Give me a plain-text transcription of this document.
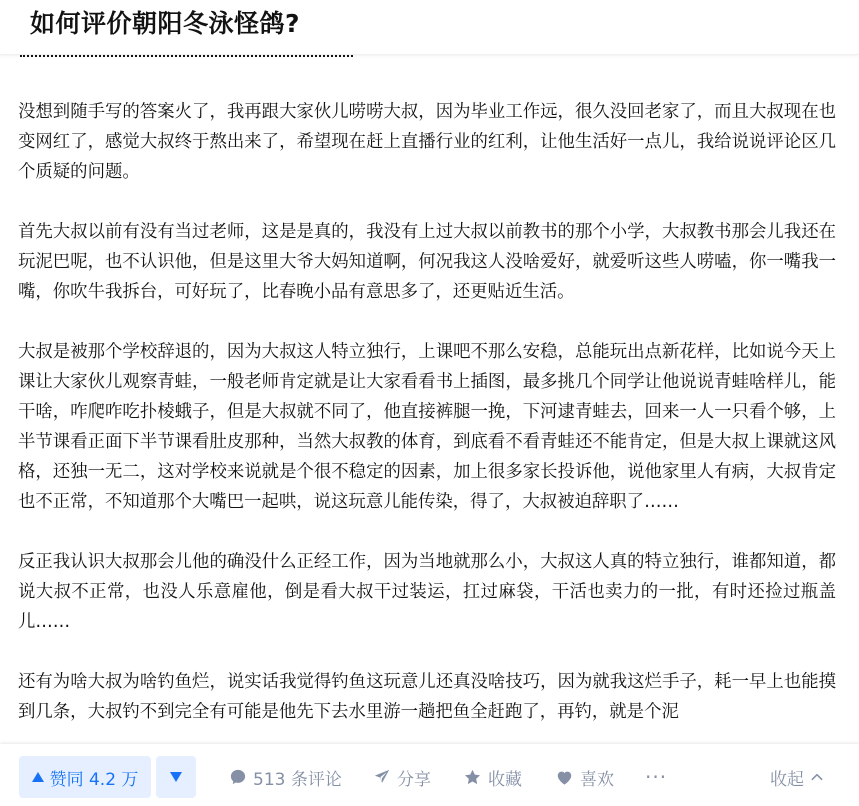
如何评价朝阳冬泳怪鸽?

没想到随手写的答案火了，我再跟大家伙儿唠唠大叔，因为毕业工作远，很久没回老家了，而且大叔现在也变网红了，感觉大叔终于熬出来了，希望现在赶上直播行业的红利，让他生活好一点儿，我给说说评论区几个质疑的问题。

首先大叔以前有没有当过老师，这是是真的，我没有上过大叔以前教书的那个小学，大叔教书那会儿我还在玩泥巴呢，也不认识他，但是这里大爷大妈知道啊，何况我这人没啥爱好，就爱听这些人唠嗑，你一嘴我一嘴，你吹牛我拆台，可好玩了，比春晚小品有意思多了，还更贴近生活。

大叔是被那个学校辞退的，因为大叔这人特立独行，上课吧不那么安稳，总能玩出点新花样，比如说今天上课让大家伙儿观察青蛙，一般老师肯定就是让大家看看书上插图，最多挑几个同学让他说说青蛙啥样儿，能干啥，咋爬咋吃扑棱蛾子，但是大叔就不同了，他直接裤腿一挽，下河逮青蛙去，回来一人一只看个够，上半节课看正面下半节课看肚皮那种，当然大叔教的体育，到底看不看青蛙还不能肯定，但是大叔上课就这风格，还独一无二，这对学校来说就是个很不稳定的因素，加上很多家长投诉他，说他家里人有病，大叔肯定也不正常，不知道那个大嘴巴一起哄，说这玩意儿能传染，得了，大叔被迫辞职了……

反正我认识大叔那会儿他的确没什么正经工作，因为当地就那么小，大叔这人真的特立独行，谁都知道，都说大叔不正常，也没人乐意雇他，倒是看大叔干过装运，扛过麻袋，干活也卖力的一批，有时还捡过瓶盖儿……

还有为啥大叔为啥钓鱼烂，说实话我觉得钓鱼这玩意儿还真没啥技巧，因为就我这烂手子，耗一早上也能摸到几条，大叔钓不到完全有可能是他先下去水里游一趟把鱼全赶跑了，再钓，就是个泥

赞同 4.2 万	513 条评论	分享	收藏	喜欢 ···	收起
